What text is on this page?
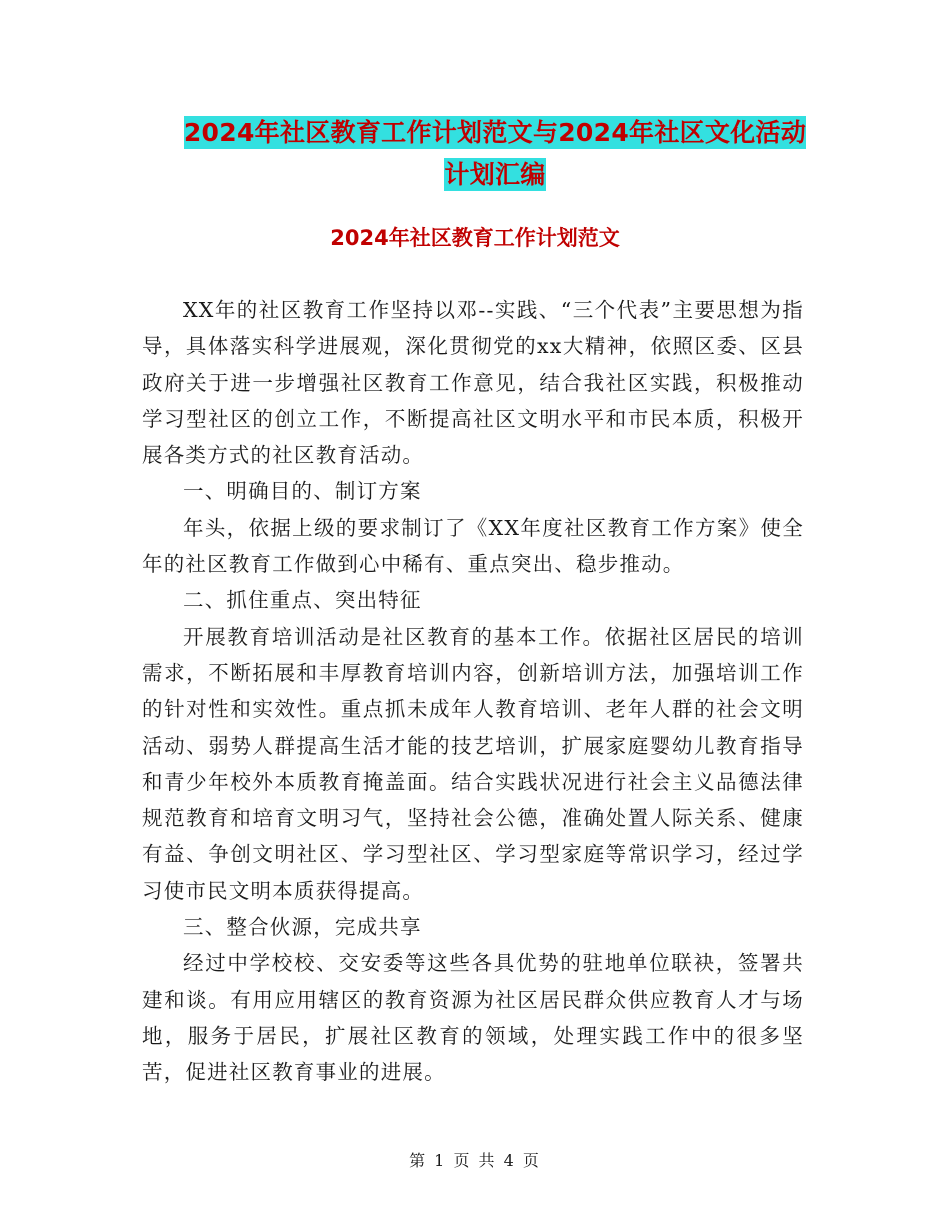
2024年社区教育工作计划范文与2024年社区文化活动
计划汇编
2024年社区教育工作计划范文

XX年的社区教育工作坚持以邓--实践、“三个代表”主要思想为指导，具体落实科学进展观，深化贯彻党的xx大精神，依照区委、区县政府关于进一步增强社区教育工作意见，结合我社区实践，积极推动学习型社区的创立工作，不断提高社区文明水平和市民本质，积极开展各类方式的社区教育活动。

一、明确目的、制订方案

年头，依据上级的要求制订了《XX年度社区教育工作方案》使全年的社区教育工作做到心中稀有、重点突出、稳步推动。

二、抓住重点、突出特征

开展教育培训活动是社区教育的基本工作。依据社区居民的培训需求，不断拓展和丰厚教育培训内容，创新培训方法，加强培训工作的针对性和实效性。重点抓未成年人教育培训、老年人群的社会文明活动、弱势人群提高生活才能的技艺培训，扩展家庭婴幼儿教育指导和青少年校外本质教育掩盖面。结合实践状况进行社会主义品德法律规范教育和培育文明习气，坚持社会公德，准确处置人际关系、健康有益、争创文明社区、学习型社区、学习型家庭等常识学习，经过学习使市民文明本质获得提高。

三、整合伙源，完成共享

经过中学校校、交安委等这些各具优势的驻地单位联袂，签署共建和谈。有用应用辖区的教育资源为社区居民群众供应教育人才与场地，服务于居民，扩展社区教育的领域，处理实践工作中的很多坚苦，促进社区教育事业的进展。

第 1 页 共 4 页
